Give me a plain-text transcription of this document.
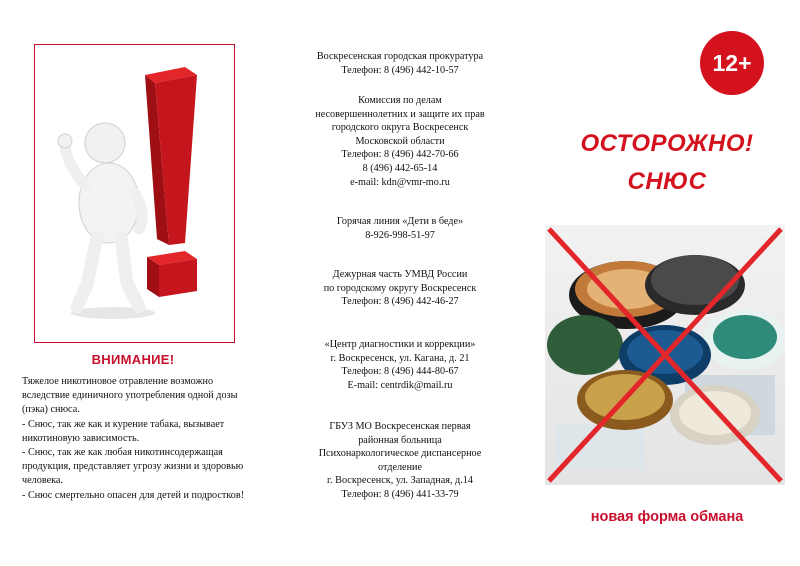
ВНИМАНИЕ!

Тяжелое никотиновое отравление возможно вследствие единичного употребления одной дозы (пэка) снюса.

- Снюс, так же как и курение табака, вызывает никотиновую зависимость.

- Снюс, так же как любая никотинсодержащая продукция, представляет угрозу жизни и здоровью человека.

- Снюс смертельно опасен для детей и подростков!

Воскресенская городская прокуратура
Телефон: 8 (496) 442-10-57
Комиссия по делам
несовершеннолетних и защите их прав
городского округа Воскресенск
Московской области
Телефон: 8 (496) 442-70-66
8 (496) 442-65-14
e-mail: kdn@vmr-mo.ru
Горячая линия «Дети в беде»
8-926-998-51-97
Дежурная часть УМВД России
по городскому округу Воскресенск
Телефон: 8 (496) 442-46-27
«Центр диагностики и коррекции»
г. Воскресенск, ул. Кагана, д. 21
Телефон: 8 (496) 444-80-67
E-mail: centrdik@mail.ru
ГБУЗ МО Воскресенская первая
районная больница
Психонаркологическое диспансерное
отделение
г. Воскресенск, ул. Западная, д.14
Телефон: 8 (496) 441-33-79
12+
ОСТОРОЖНО!
СНЮС
новая форма обмана
